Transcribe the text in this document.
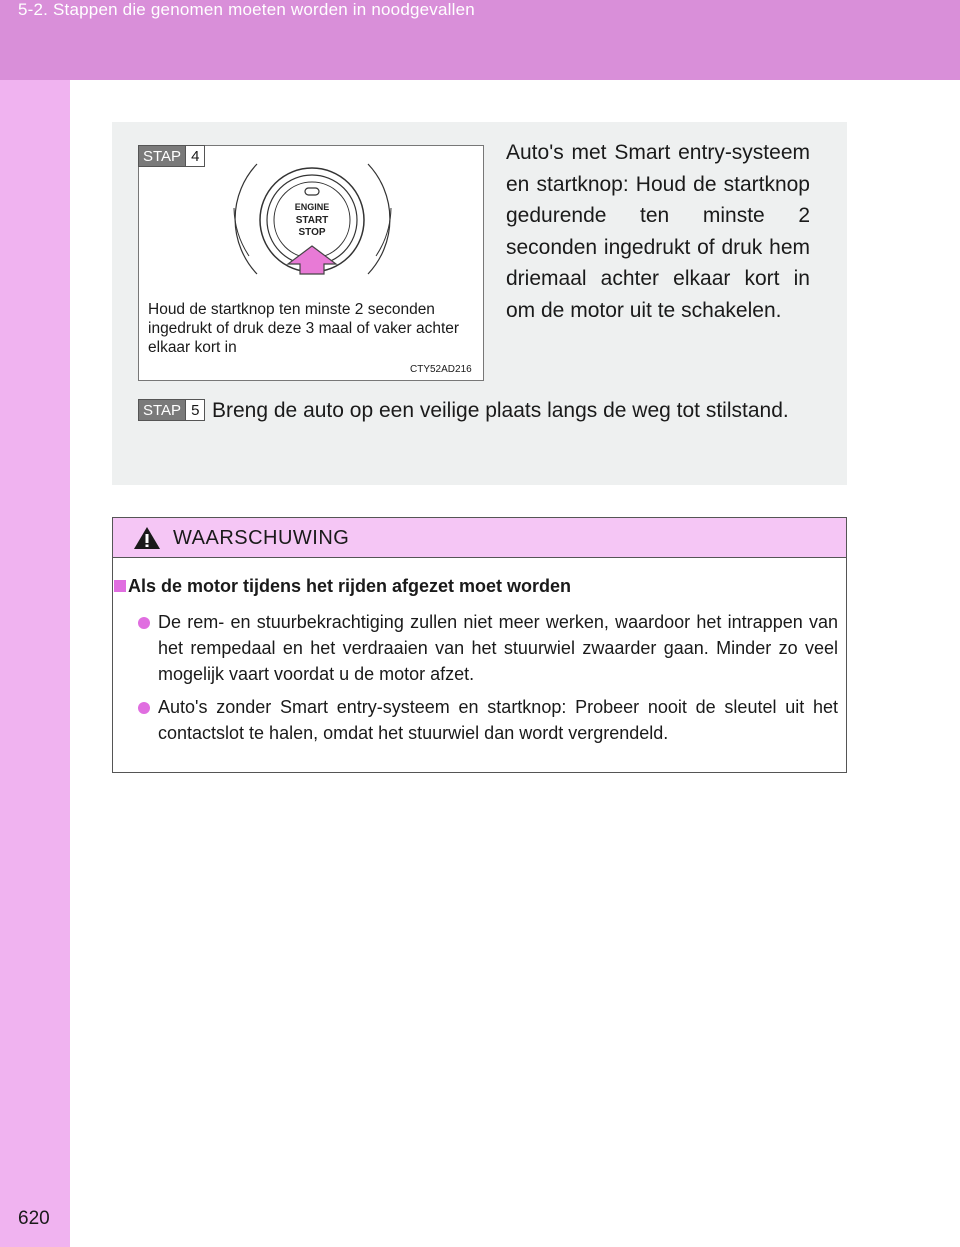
5-2. Stappen die genomen moeten worden in noodgevallen
620
STAP 4
ENGINE
START
STOP
Houd de startknop ten minste 2 seconden ingedrukt of druk deze 3 maal of vaker achter elkaar kort in
CTY52AD216
Auto's met Smart entry-systeem en startknop: Houd de startknop gedurende ten minste 2 seconden ingedrukt of druk hem driemaal achter elkaar kort in om de motor uit te schakelen.
STAP 5 Breng de auto op een veilige plaats langs de weg tot stilstand.
WAARSCHUWING
Als de motor tijdens het rijden afgezet moet worden
De rem- en stuurbekrachtiging zullen niet meer werken, waardoor het intrappen van het rempedaal en het verdraaien van het stuurwiel zwaarder gaan. Minder zo veel mogelijk vaart voordat u de motor afzet.
Auto's zonder Smart entry-systeem en startknop: Probeer nooit de sleutel uit het contactslot te halen, omdat het stuurwiel dan wordt vergrendeld.
